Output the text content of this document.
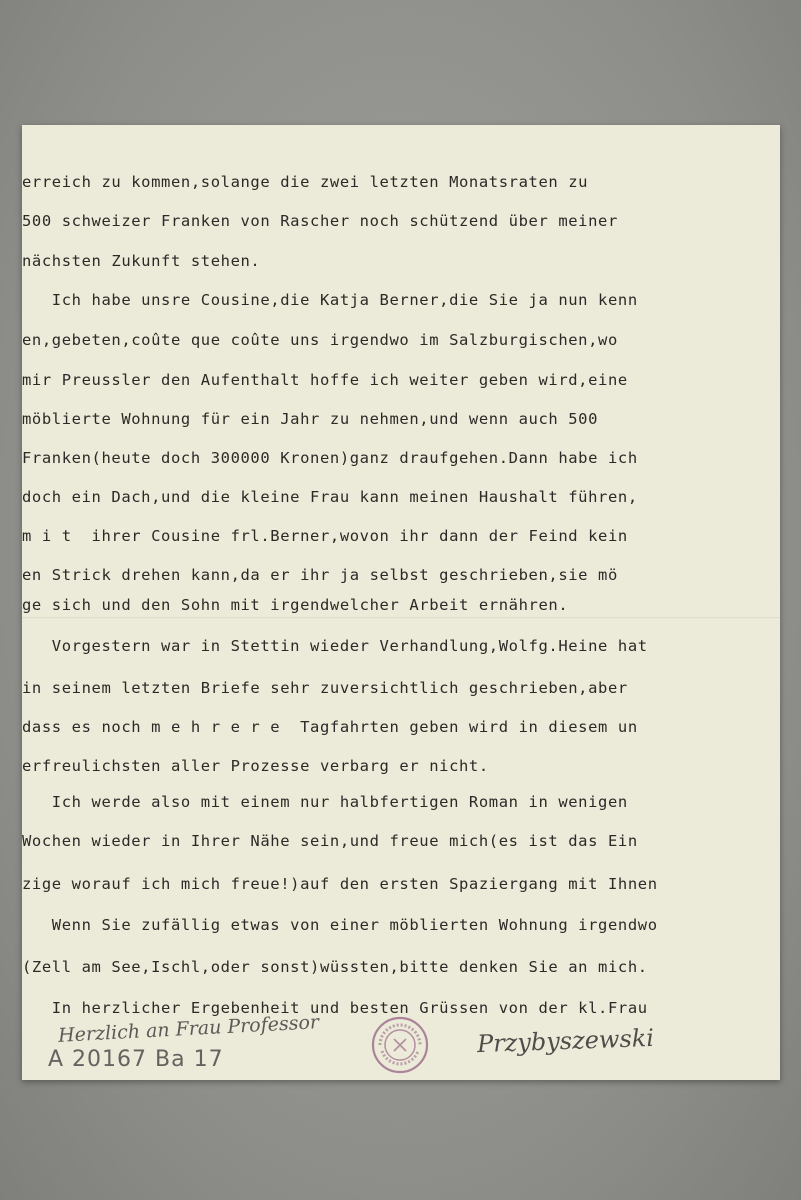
erreich zu kommen,solange die zwei letzten Monatsraten zu

500 schweizer Franken von Rascher noch schützend über meiner

nächsten Zukunft stehen.

Ich habe unsre Cousine,die Katja Berner,die Sie ja nun kenn

en,gebeten,coûte que coûte uns irgendwo im Salzburgischen,wo

mir Preussler den Aufenthalt hoffe ich weiter geben wird,eine

möblierte Wohnung für ein Jahr zu nehmen,und wenn auch 500

Franken(heute doch 300000 Kronen)ganz draufgehen.Dann habe ich

doch ein Dach,und die kleine Frau kann meinen Haushalt führen,

m i t  ihrer Cousine frl.Berner,wovon ihr dann der Feind kein

en Strick drehen kann,da er ihr ja selbst geschrieben,sie mö

ge sich und den Sohn mit irgendwelcher Arbeit ernähren.

Vorgestern war in Stettin wieder Verhandlung,Wolfg.Heine hat

in seinem letzten Briefe sehr zuversichtlich geschrieben,aber

dass es noch m e h r e r e  Tagfahrten geben wird in diesem un

erfreulichsten aller Prozesse verbarg er nicht.

Ich werde also mit einem nur halbfertigen Roman in wenigen

Wochen wieder in Ihrer Nähe sein,und freue mich(es ist das Ein

zige worauf ich mich freue!)auf den ersten Spaziergang mit Ihnen

Wenn Sie zufällig etwas von einer möblierten Wohnung irgendwo

(Zell am See,Ischl,oder sonst)wüssten,bitte denken Sie an mich.

In herzlicher Ergebenheit und besten Grüssen von der kl.Frau

Herzlich an Frau Professor	Przybyszewski
A 20167 Ba 17
